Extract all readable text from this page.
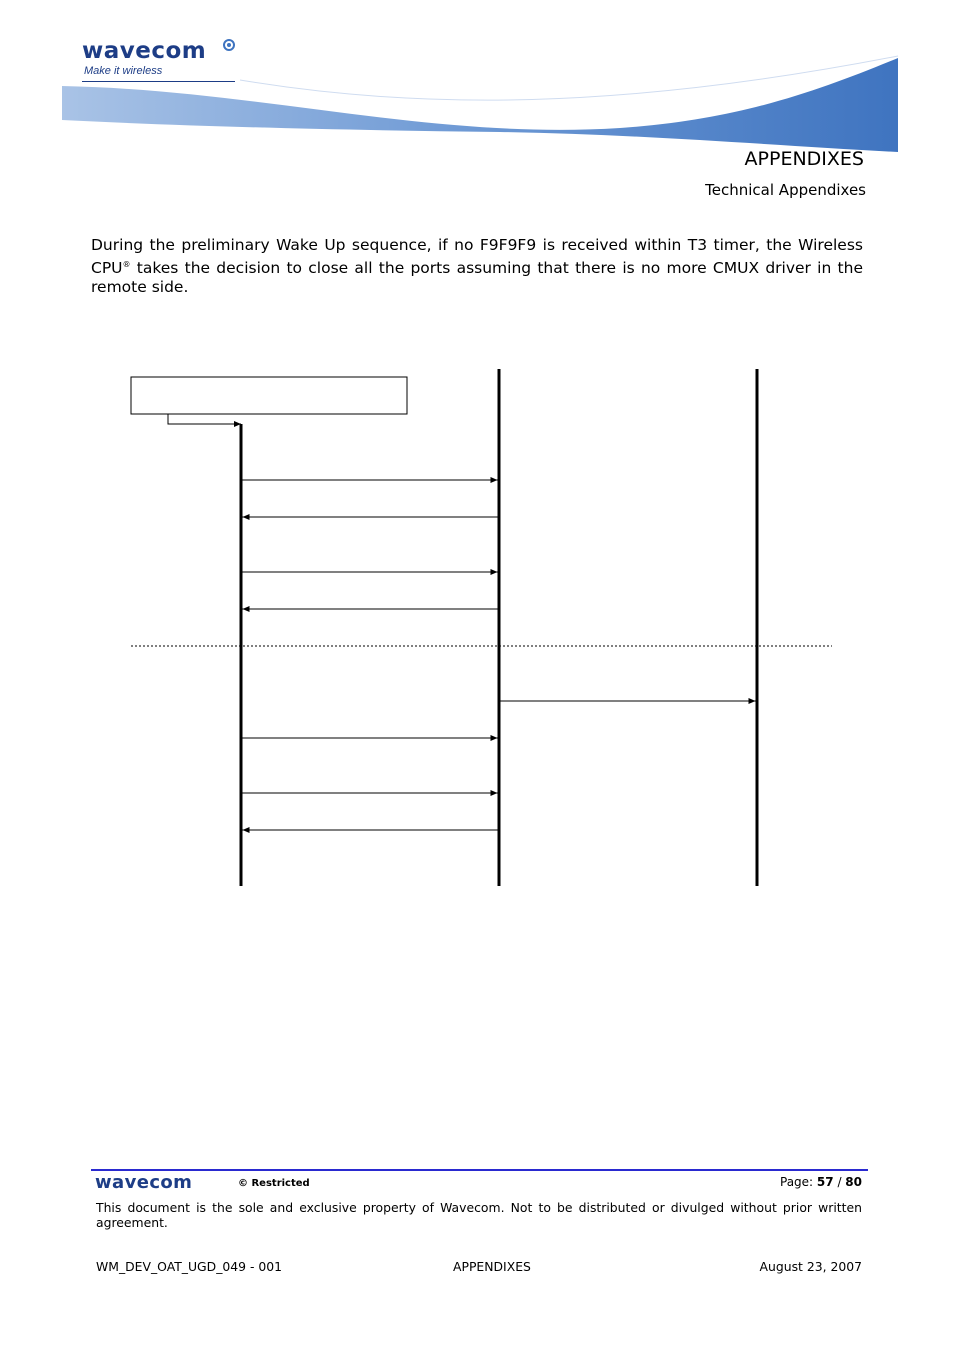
wavecom
Make it wireless
APPENDIXES
Technical Appendixes
During the preliminary Wake Up sequence, if no F9F9F9 is received within T3 timer, the Wireless CPU® takes the decision to close all the ports assuming that there is no more CMUX driver in the remote side.
wavecom	© Restricted	Page: 57 / 80
This document is the sole and exclusive property of Wavecom. Not to be distributed or divulged without prior written agreement.
WM_DEV_OAT_UGD_049 - 001	APPENDIXES	August 23, 2007
